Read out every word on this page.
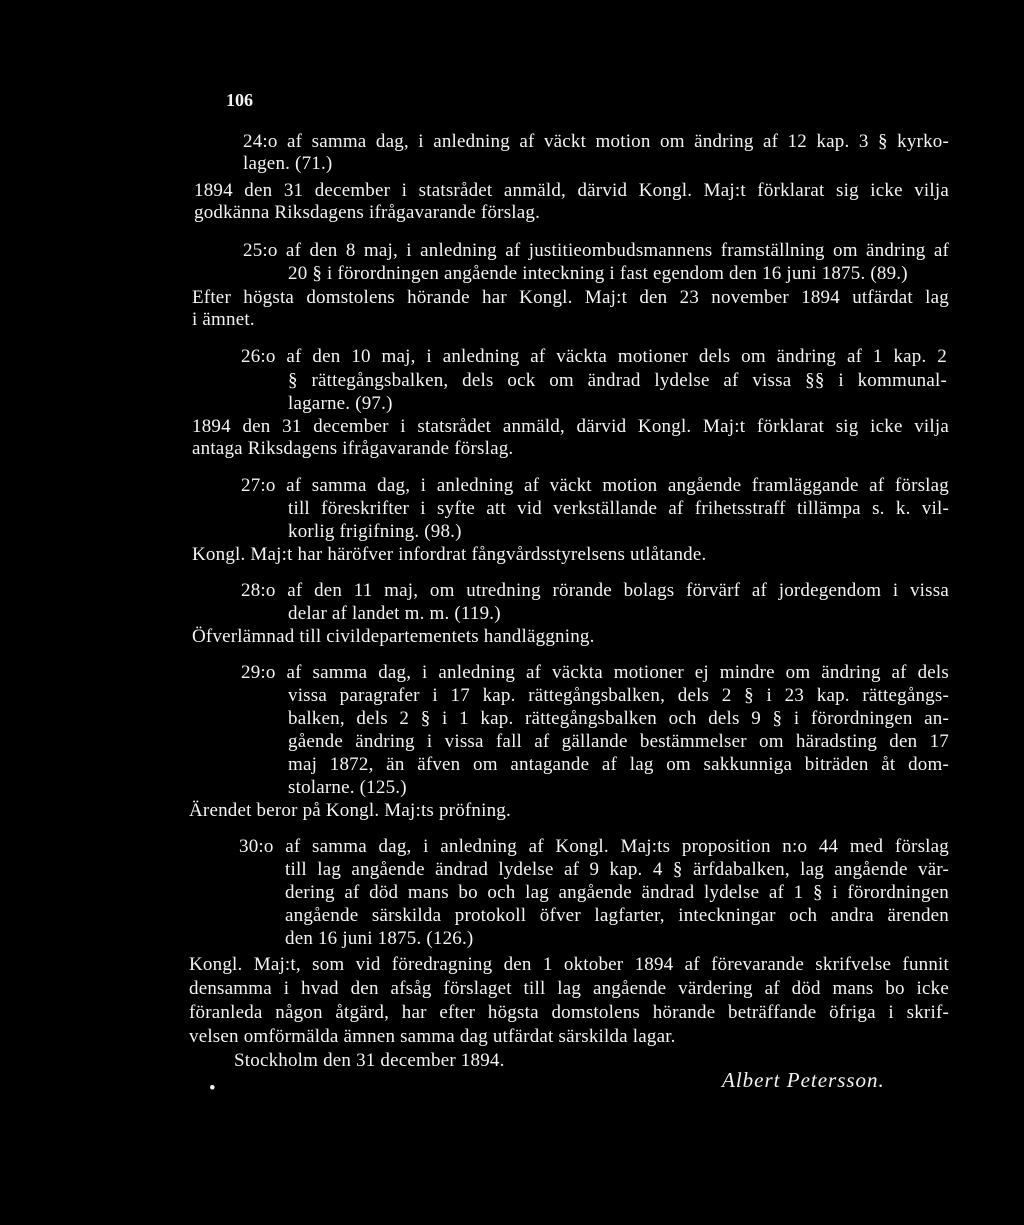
106
24:o af samma dag, i anledning af väckt motion om ändring af 12 kap. 3 § kyrko-
lagen. (71.)
1894 den 31 december i statsrådet anmäld, därvid Kongl. Maj:t förklarat sig icke vilja
godkänna Riksdagens ifrågavarande förslag.
25:o af den 8 maj, i anledning af justitieombudsmannens framställning om ändring af
20 § i förordningen angående inteckning i fast egendom den 16 juni 1875. (89.)
Efter högsta domstolens hörande har Kongl. Maj:t den 23 november 1894 utfärdat lag
i ämnet.
26:o af den 10 maj, i anledning af väckta motioner dels om ändring af 1 kap. 2
§ rättegångsbalken, dels ock om ändrad lydelse af vissa §§ i kommunal-
lagarne. (97.)
1894 den 31 december i statsrådet anmäld, därvid Kongl. Maj:t förklarat sig icke vilja
antaga Riksdagens ifrågavarande förslag.
27:o af samma dag, i anledning af väckt motion angående framläggande af förslag
till föreskrifter i syfte att vid verkställande af frihetsstraff tillämpa s. k. vil-
korlig frigifning. (98.)
Kongl. Maj:t har häröfver infordrat fångvårdsstyrelsens utlåtande.
28:o af den 11 maj, om utredning rörande bolags förvärf af jordegendom i vissa
delar af landet m. m. (119.)
Öfverlämnad till civildepartementets handläggning.
29:o af samma dag, i anledning af väckta motioner ej mindre om ändring af dels
vissa paragrafer i 17 kap. rättegångsbalken, dels 2 § i 23 kap. rättegångs-
balken, dels 2 § i 1 kap. rättegångsbalken och dels 9 § i förordningen an-
gående ändring i vissa fall af gällande bestämmelser om häradsting den 17
maj 1872, än äfven om antagande af lag om sakkunniga biträden åt dom-
stolarne. (125.)
Ärendet beror på Kongl. Maj:ts pröfning.
30:o af samma dag, i anledning af Kongl. Maj:ts proposition n:o 44 med förslag
till lag angående ändrad lydelse af 9 kap. 4 § ärfdabalken, lag angående vär-
dering af död mans bo och lag angående ändrad lydelse af 1 § i förordningen
angående särskilda protokoll öfver lagfarter, inteckningar och andra ärenden
den 16 juni 1875. (126.)
Kongl. Maj:t, som vid föredragning den 1 oktober 1894 af förevarande skrifvelse funnit
densamma i hvad den afsåg förslaget till lag angående värdering af död mans bo icke
föranleda någon åtgärd, har efter högsta domstolens hörande beträffande öfriga i skrif-
velsen omförmälda ämnen samma dag utfärdat särskilda lagar.
Stockholm den 31 december 1894.
•	Albert Petersson.
